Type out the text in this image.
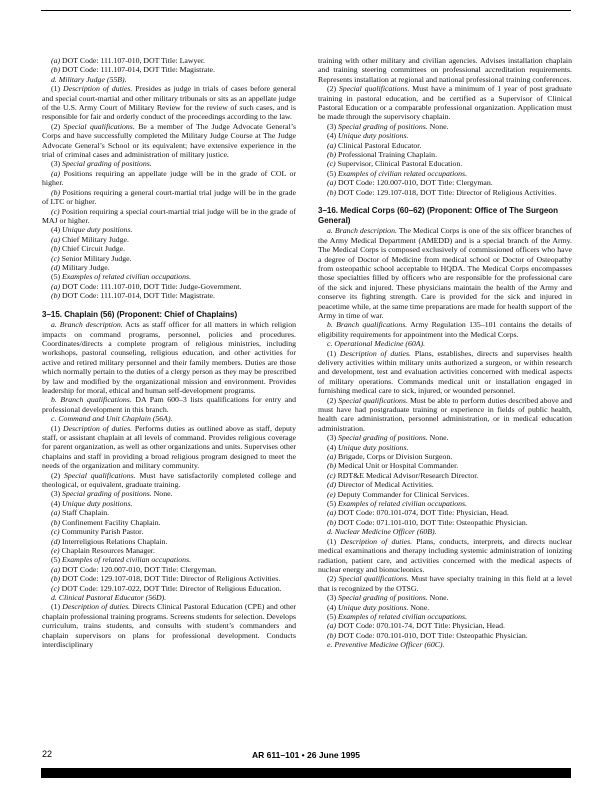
(a) DOT Code: 111.107-010, DOT Title: Lawyer.

(b) DOT Code: 111.107-014, DOT Title: Magistrate.

d. Military Judge (55B).

(1) Description of duties. Presides as judge in trials of cases before general and special court-martial and other military tribunals or sits as an appellate judge of the U.S. Army Court of Military Review for the review of such cases, and is responsible for fair and orderly conduct of the proceedings according to the law.

(2) Special qualifications. Be a member of The Judge Advocate General’s Corps and have successfully completed the Military Judge Course at The Judge Advocate General’s School or its equivalent; have extensive experience in the trial of criminal cases and administration of military justice.

(3) Special grading of positions.

(a) Positions requiring an appellate judge will be in the grade of COL or higher.

(b) Positions requiring a general court-martial trial judge will be in the grade of LTC or higher.

(c) Position requiring a special court-martial trial judge will be in the grade of MAJ or higher.

(4) Unique duty positions.

(a) Chief Military Judge.

(b) Chief Circuit Judge.

(c) Senior Military Judge.

(d) Military Judge.

(5) Examples of related civilian occupations.

(a) DOT Code: 111.107-010, DOT Title: Judge-Government.

(b) DOT Code: 111.107-014, DOT Title: Magistrate.

3–15. Chaplain (56) (Proponent: Chief of Chaplains)

a. Branch description. Acts as staff officer for all matters in which religion impacts on command programs, personnel, policies and procedures. Coordinates/directs a complete program of religious ministries, including workshops, pastoral counseling, religious education, and other activities for active and retired military personnel and their family members. Duties are those which normally pertain to the duties of a clergy person as they may be prescribed by law and modified by the organizational mission and environment. Provides leadership for moral, ethical and human self-development programs.

b. Branch qualifications. DA Pam 600–3 lists qualifications for entry and professional development in this branch.

c. Command and Unit Chaplain (56A).

(1) Description of duties. Performs duties as outlined above as staff, deputy staff, or assistant chaplain at all levels of command. Provides religious coverage for parent organization, as well as other organizations and units. Supervises other chaplains and staff in providing a broad religious program designed to meet the needs of the organization and military community.

(2) Special qualifications. Must have satisfactorily completed college and theological, or equivalent, graduate training.

(3) Special grading of positions. None.

(4) Unique duty positions.

(a) Staff Chaplain.

(b) Confinement Facility Chaplain.

(c) Community Parish Pastor.

(d) Interreligious Relations Chaplain.

(e) Chaplain Resources Manager.

(5) Examples of related civilian occupations.

(a) DOT Code: 120.007-010, DOT Title: Clergyman.

(b) DOT Code: 129.107-018, DOT Title: Director of Religious Activities.

(c) DOT Code: 129.107-022, DOT Title: Director of Religious Education.

d. Clinical Pastoral Educator (56D).

(1) Description of duties. Directs Clinical Pastoral Education (CPE) and other chaplain professional training programs. Screens students for selection. Develops curriculum, trains students, and consults with student’s commanders and chaplain supervisors on plans for professional development. Conducts interdisciplinary

training with other military and civilian agencies. Advises installation chaplain and training steering committees on professional accreditation requirements. Represents installation at regional and national professional training conferences.

(2) Special qualifications. Must have a minimum of 1 year of post graduate training in pastoral education, and be certified as a Supervisor of Clinical Pastoral Education or a comparable professional organization. Application must be made through the supervisory chaplain.

(3) Special grading of positions. None.

(4) Unique duty positions.

(a) Clinical Pastoral Educator.

(b) Professional Training Chaplain.

(c) Supervisor, Clinical Pastoral Education.

(5) Examples of civilian related occupations.

(a) DOT Code: 120.007-010, DOT Title: Clergyman.

(b) DOT Code: 129.107-018, DOT Title: Director of Religious Activities.

3–16. Medical Corps (60–62) (Proponent: Office of The Surgeon General)

a. Branch description. The Medical Corps is one of the six officer branches of the Army Medical Department (AMEDD) and is a special branch of the Army. The Medical Corps is composed exclusively of commissioned officers who have a degree of Doctor of Medicine from medical school or Doctor of Osteopathy from osteopathic school acceptable to HQDA. The Medical Corps encompasses those specialties filled by officers who are responsible for the professional care of the sick and injured. These physicians maintain the health of the Army and conserve its fighting strength. Care is provided for the sick and injured in peacetime while, at the same time preparations are made for health support of the Army in time of war.

b. Branch qualifications. Army Regulation 135–101 contains the details of eligibility requirements for appointment into the Medical Corps.

c. Operational Medicine (60A).

(1) Description of duties. Plans, establishes, directs and supervises health delivery activities within military units authorized a surgeon, or within research and development, test and evaluation activities concerned with medical aspects of military operations. Commands medical unit or installation engaged in furnishing medical care to sick, injured, or wounded personnel.

(2) Special qualifications. Must be able to perform duties described above and must have had postgraduate training or experience in fields of public health, health care administration, personnel administration, or in medical education administration.

(3) Special grading of positions. None.

(4) Unique duty positions.

(a) Brigade, Corps or Division Surgeon.

(b) Medical Unit or Hospital Commander.

(c) RDT&E Medical Advisor/Research Director.

(d) Director of Medical Activities.

(e) Deputy Commander for Clinical Services.

(5) Examples of related civilian occupations.

(a) DOT Code: 070.101-074, DOT Title: Physician, Head.

(b) DOT Code: 071.101-010, DOT Title: Osteopathic Physician.

d. Nuclear Medicine Officer (60B).

(1) Description of duties. Plans, conducts, interprets, and directs nuclear medical examinations and therapy including systemic administration of ionizing radiation, patient care, and activities concerned with the medical aspects of nuclear energy and bionucleonics.

(2) Special qualifications. Must have specialty training in this field at a level that is recognized by the OTSG.

(3) Special grading of positions. None.

(4) Unique duty positions. None.

(5) Examples of related civilian occupations.

(a) DOT Code: 070.101-74, DOT Title: Physician, Head.

(b) DOT Code: 070.101-010, DOT Title: Osteopathic Physician.

e. Preventive Medicine Officer (60C).

22	AR 611–101 • 26 June 1995
